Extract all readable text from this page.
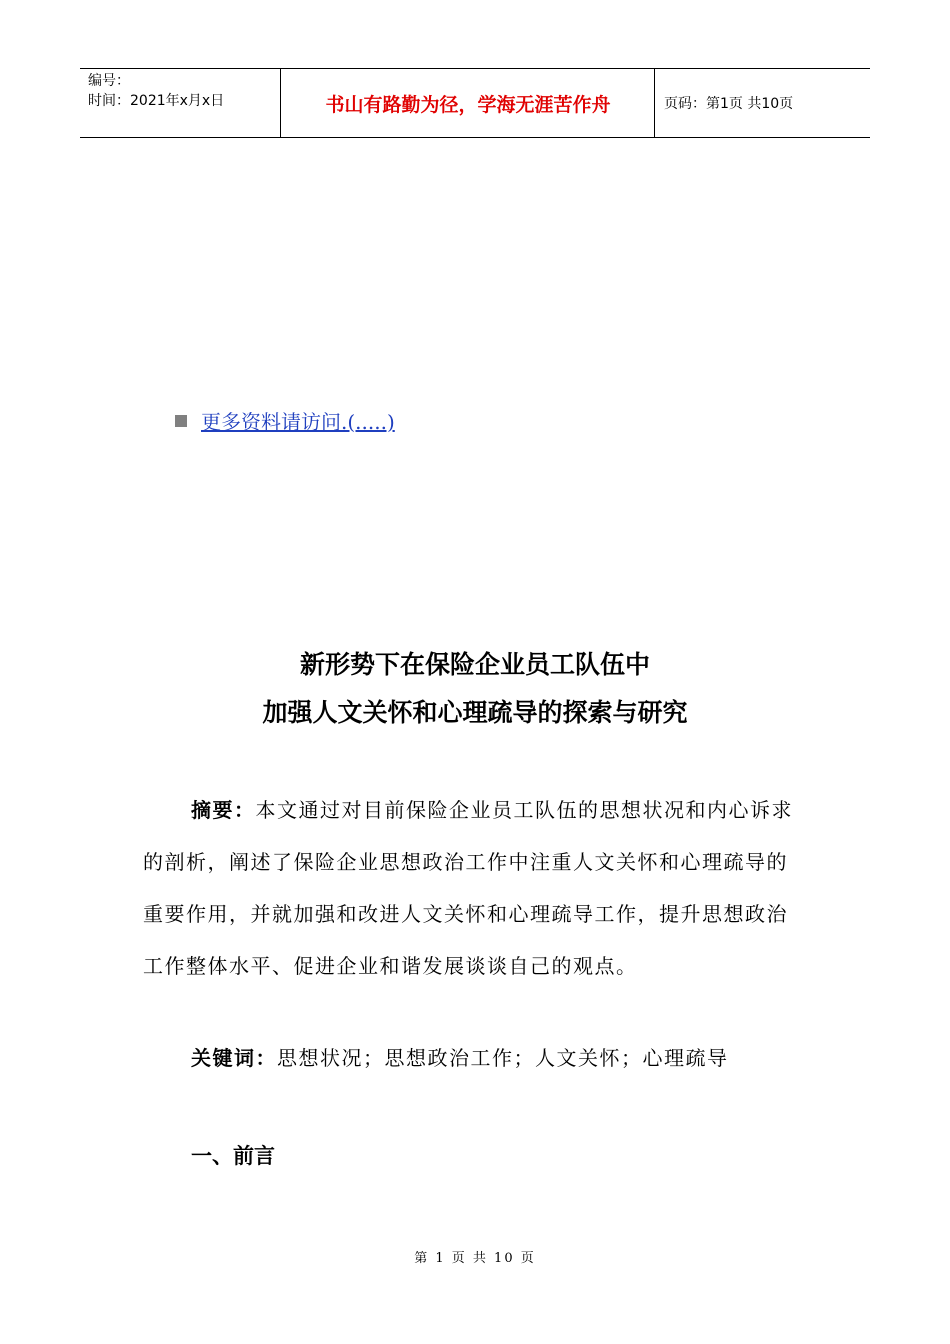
编号：
时间：2021年x月x日	书山有路勤为径，学海无涯苦作舟	页码：第1页 共10页
更多资料请访问.(.....)
新形势下在保险企业员工队伍中
加强人文关怀和心理疏导的探索与研究
摘要：本文通过对目前保险企业员工队伍的思想状况和内心诉求的剖析，阐述了保险企业思想政治工作中注重人文关怀和心理疏导的重要作用，并就加强和改进人文关怀和心理疏导工作，提升思想政治工作整体水平、促进企业和谐发展谈谈自己的观点。
关键词：思想状况；思想政治工作；人文关怀；心理疏导
一、前言
第 1 页 共 10 页
